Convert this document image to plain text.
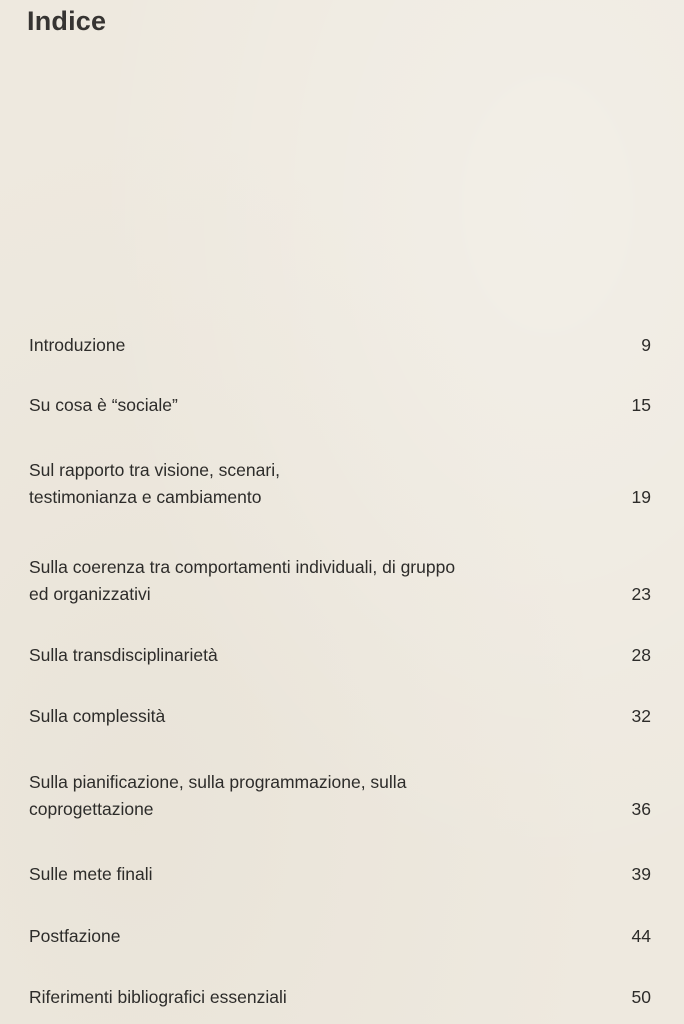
Indice
Introduzione	9
Su cosa è “sociale”	15
Sul rapporto tra visione, scenari, testimonianza e cambiamento	19
Sulla coerenza tra comportamenti individuali, di gruppo ed organizzativi	23
Sulla transdisciplinarietà	28
Sulla complessità	32
Sulla pianificazione, sulla programmazione, sulla coprogettazione	36
Sulle mete finali	39
Postfazione	44
Riferimenti bibliografici essenziali	50
